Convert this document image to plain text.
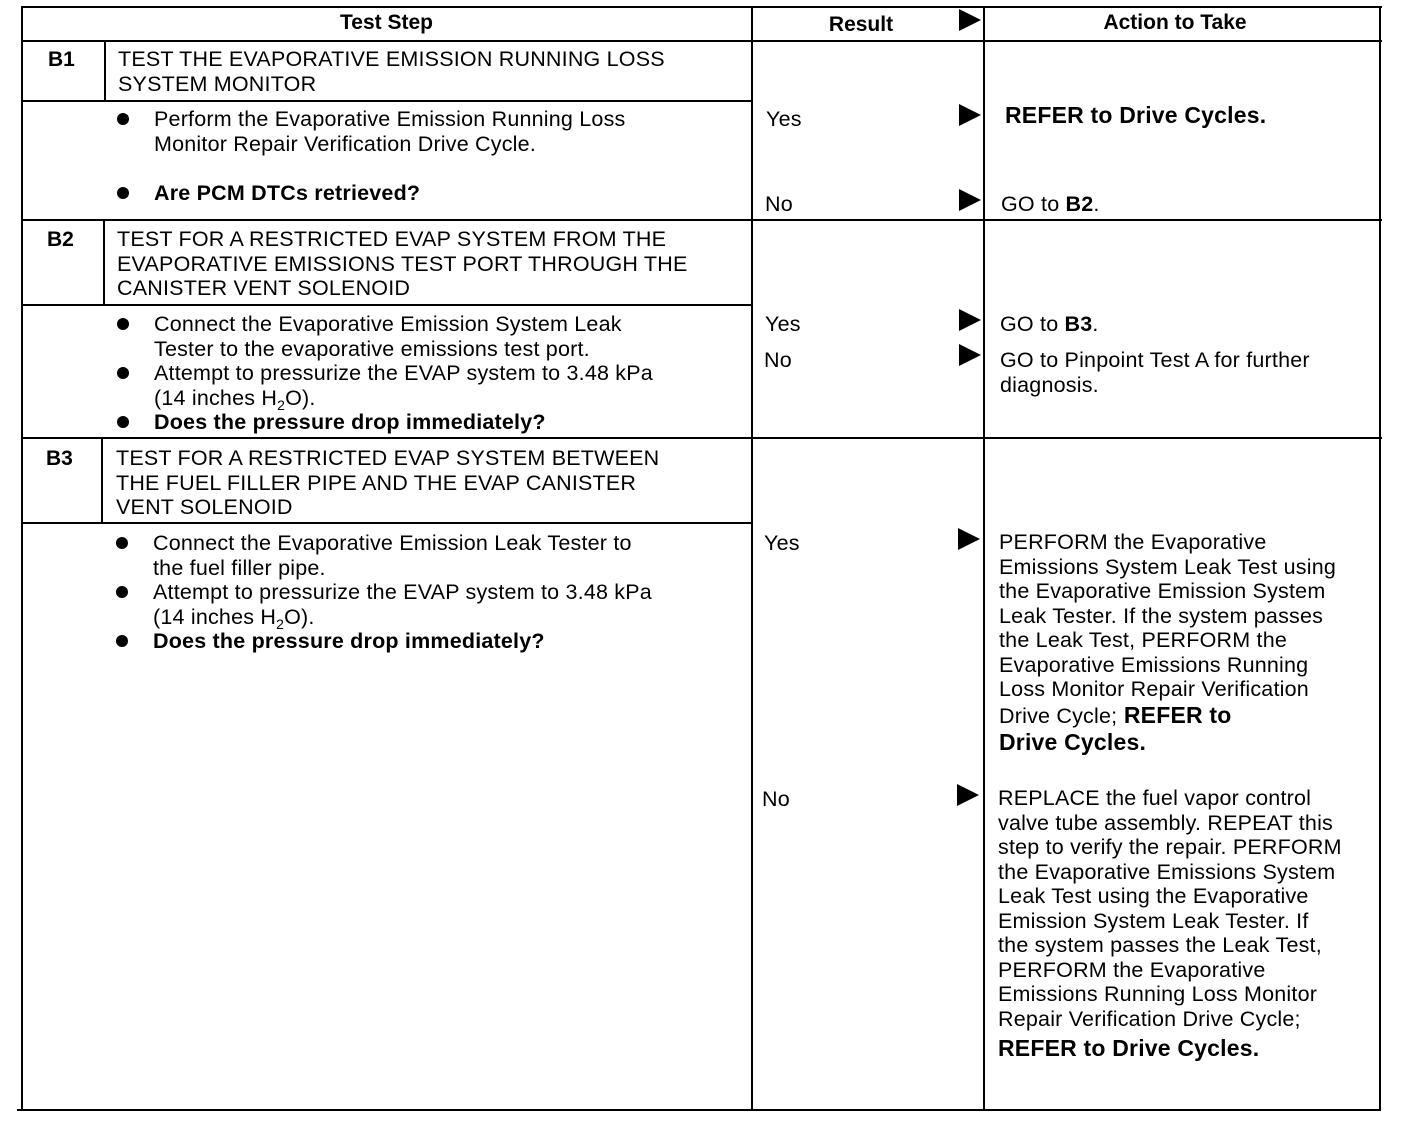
Test Step	Result	Action to Take
B1 TEST THE EVAPORATIVE EMISSION RUNNING LOSS
SYSTEM MONITOR
Perform the Evaporative Emission Running Loss
Monitor Repair Verification Drive Cycle.
Are PCM DTCs retrieved?
Yes	REFER to Drive Cycles.
No	GO to B2.
B2 TEST FOR A RESTRICTED EVAP SYSTEM FROM THE
EVAPORATIVE EMISSIONS TEST PORT THROUGH THE
CANISTER VENT SOLENOID
Connect the Evaporative Emission System Leak
Tester to the evaporative emissions test port.
Attempt to pressurize the EVAP system to 3.48 kPa
(14 inches $H_2O$).
Does the pressure drop immediately?
Yes	GO to B3.
No	GO to Pinpoint Test A for further
diagnosis.
B3 TEST FOR A RESTRICTED EVAP SYSTEM BETWEEN
THE FUEL FILLER PIPE AND THE EVAP CANISTER
VENT SOLENOID
Connect the Evaporative Emission Leak Tester to
the fuel filler pipe.
Attempt to pressurize the EVAP system to 3.48 kPa
(14 inches $H_2O$).
Does the pressure drop immediately?
Yes	PERFORM the Evaporative
Emissions System Leak Test using
the Evaporative Emission System
Leak Tester. If the system passes
the Leak Test, PERFORM the
Evaporative Emissions Running
Loss Monitor Repair Verification
Drive Cycle; REFER to
Drive Cycles.
No	REPLACE the fuel vapor control
valve tube assembly. REPEAT this
step to verify the repair. PERFORM
the Evaporative Emissions System
Leak Test using the Evaporative
Emission System Leak Tester. If
the system passes the Leak Test,
PERFORM the Evaporative
Emissions Running Loss Monitor
Repair Verification Drive Cycle;
REFER to Drive Cycles.
